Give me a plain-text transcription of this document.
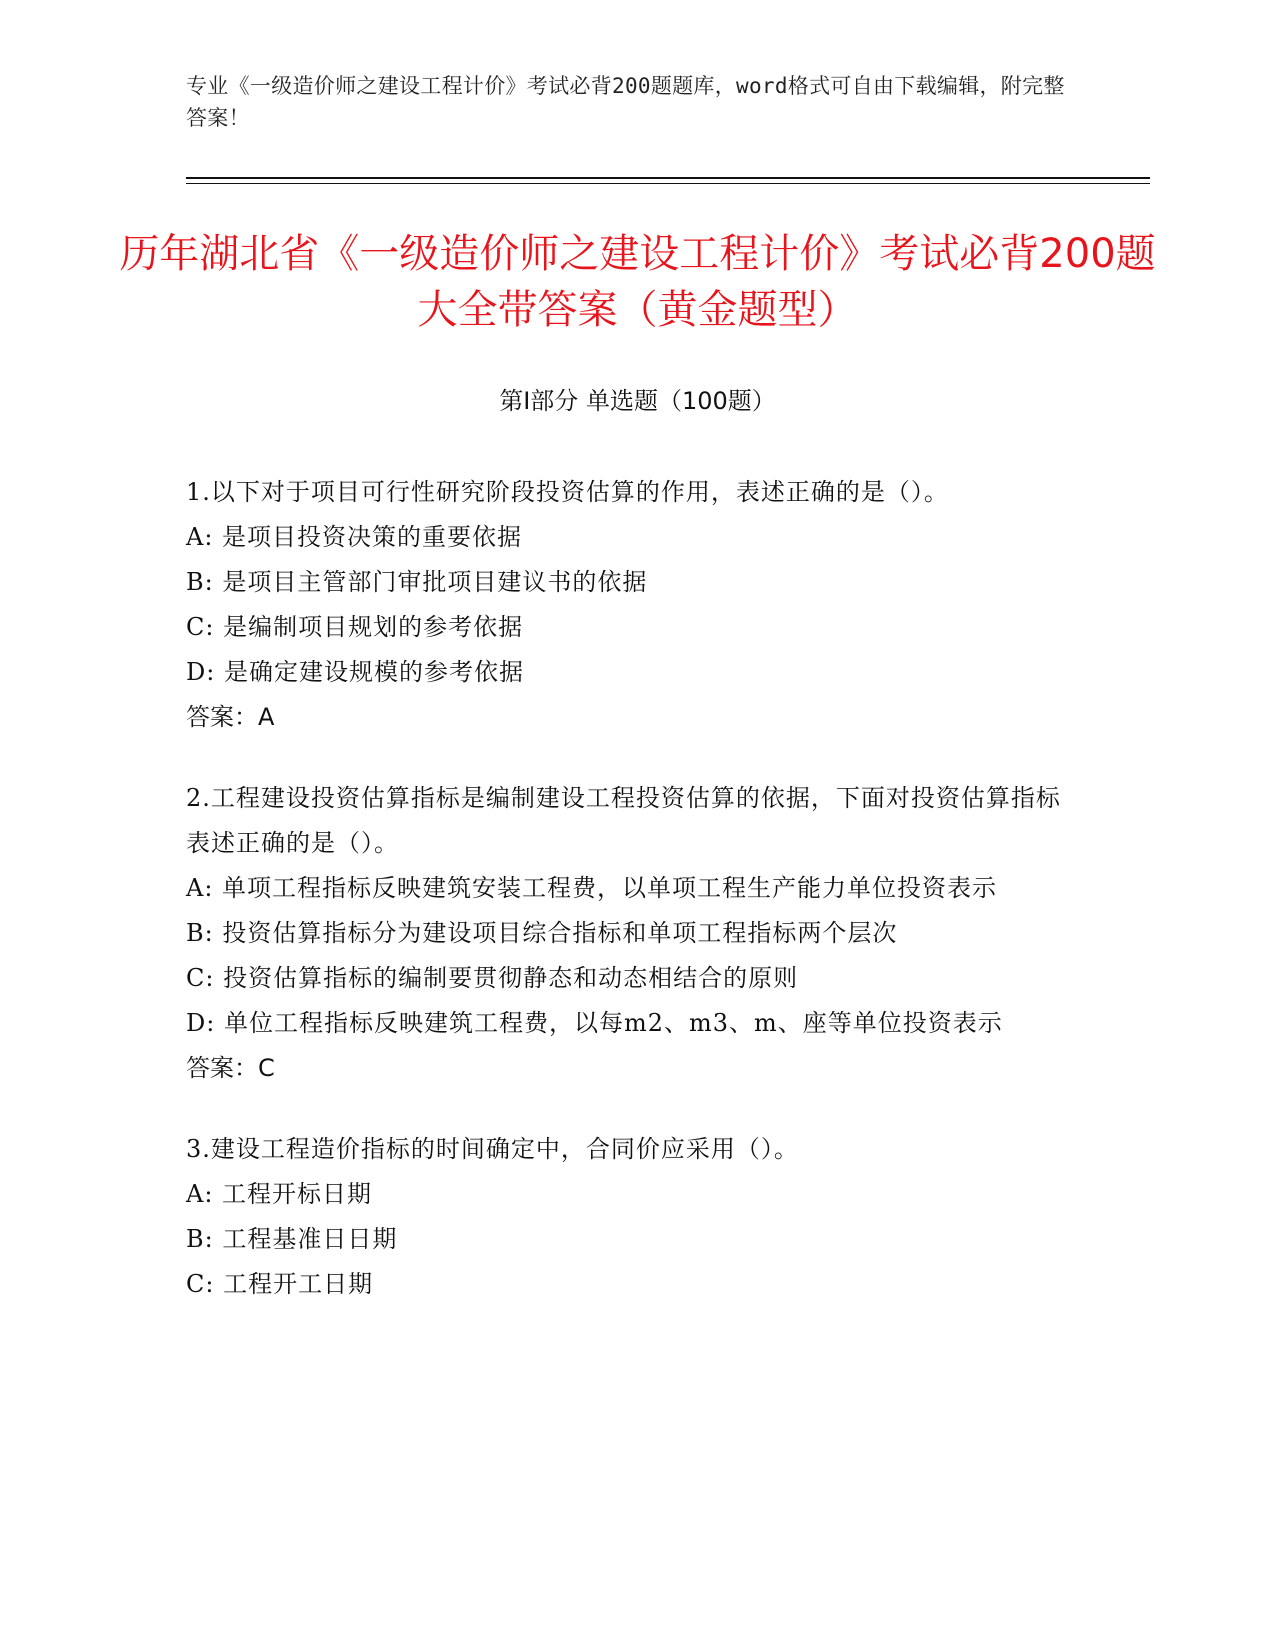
专业《一级造价师之建设工程计价》考试必背200题题库，word格式可自由下载编辑，附完整答案！
历年湖北省《一级造价师之建设工程计价》考试必背200题大全带答案（黄金题型）
第I部分 单选题（100题）

1.以下对于项目可行性研究阶段投资估算的作用，表述正确的是（）。

A: 是项目投资决策的重要依据

B: 是项目主管部门审批项目建议书的依据

C: 是编制项目规划的参考依据

D: 是确定建设规模的参考依据

答案：A

2.工程建设投资估算指标是编制建设工程投资估算的依据，下面对投资估算指标表述正确的是（）。

A: 单项工程指标反映建筑安装工程费，以单项工程生产能力单位投资表示

B: 投资估算指标分为建设项目综合指标和单项工程指标两个层次

C: 投资估算指标的编制要贯彻静态和动态相结合的原则

D: 单位工程指标反映建筑工程费，以每m2、m3、m、座等单位投资表示

答案：C

3.建设工程造价指标的时间确定中，合同价应采用（）。

A: 工程开标日期

B: 工程基准日日期

C: 工程开工日期
